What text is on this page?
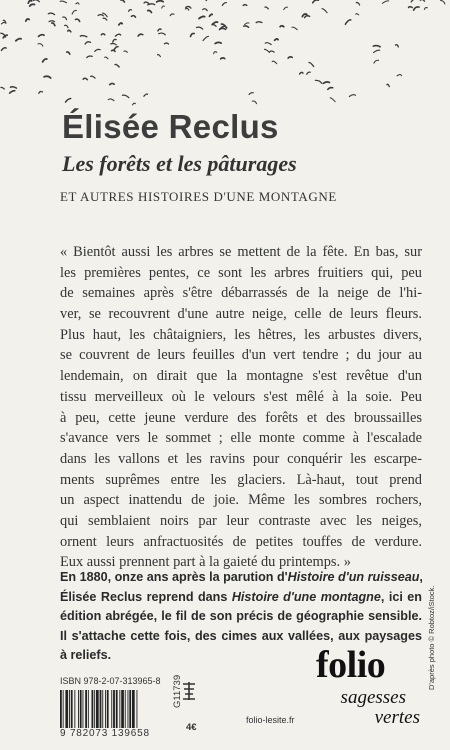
Élisée Reclus
Les forêts et les pâturages
ET AUTRES HISTOIRES D'UNE MONTAGNE
« Bientôt aussi les arbres se mettent de la fête. En bas, sur
les premières pentes, ce sont les arbres fruitiers qui, peu
de semaines après s'être débarrassés de la neige de l'hi-
ver, se recouvrent d'une autre neige, celle de leurs fleurs.
Plus haut, les châtaigniers, les hêtres, les arbustes divers,
se couvrent de leurs feuilles d'un vert tendre ; du jour au
lendemain, on dirait que la montagne s'est revêtue d'un
tissu merveilleux où le velours s'est mêlé à la soie. Peu
à peu, cette jeune verdure des forêts et des broussailles
s'avance vers le sommet ; elle monte comme à l'escalade
dans les vallons et les ravins pour conquérir les escarpe-
ments suprêmes entre les glaciers. Là-haut, tout prend
un aspect inattendu de joie. Même les sombres rochers,
qui semblaient noirs par leur contraste avec les neiges,
ornent leurs anfractuosités de petites touffes de verdure.
Eux aussi prennent part à la gaieté du printemps. »
En 1880, onze ans après la parution d'Histoire d'un ruisseau,
Élisée Reclus reprend dans Histoire d'une montagne, ici en
édition abrégée, le fil de son précis de géographie sensible.
Il s'attache cette fois, des cimes aux vallées, aux paysages
à reliefs.
ISBN 978-2-07-313965-8
9 782073 139658
G11739
4€
folio-lesite.fr
folio
sagesses
vertes
D'après photo © Robtoz/iStock.
